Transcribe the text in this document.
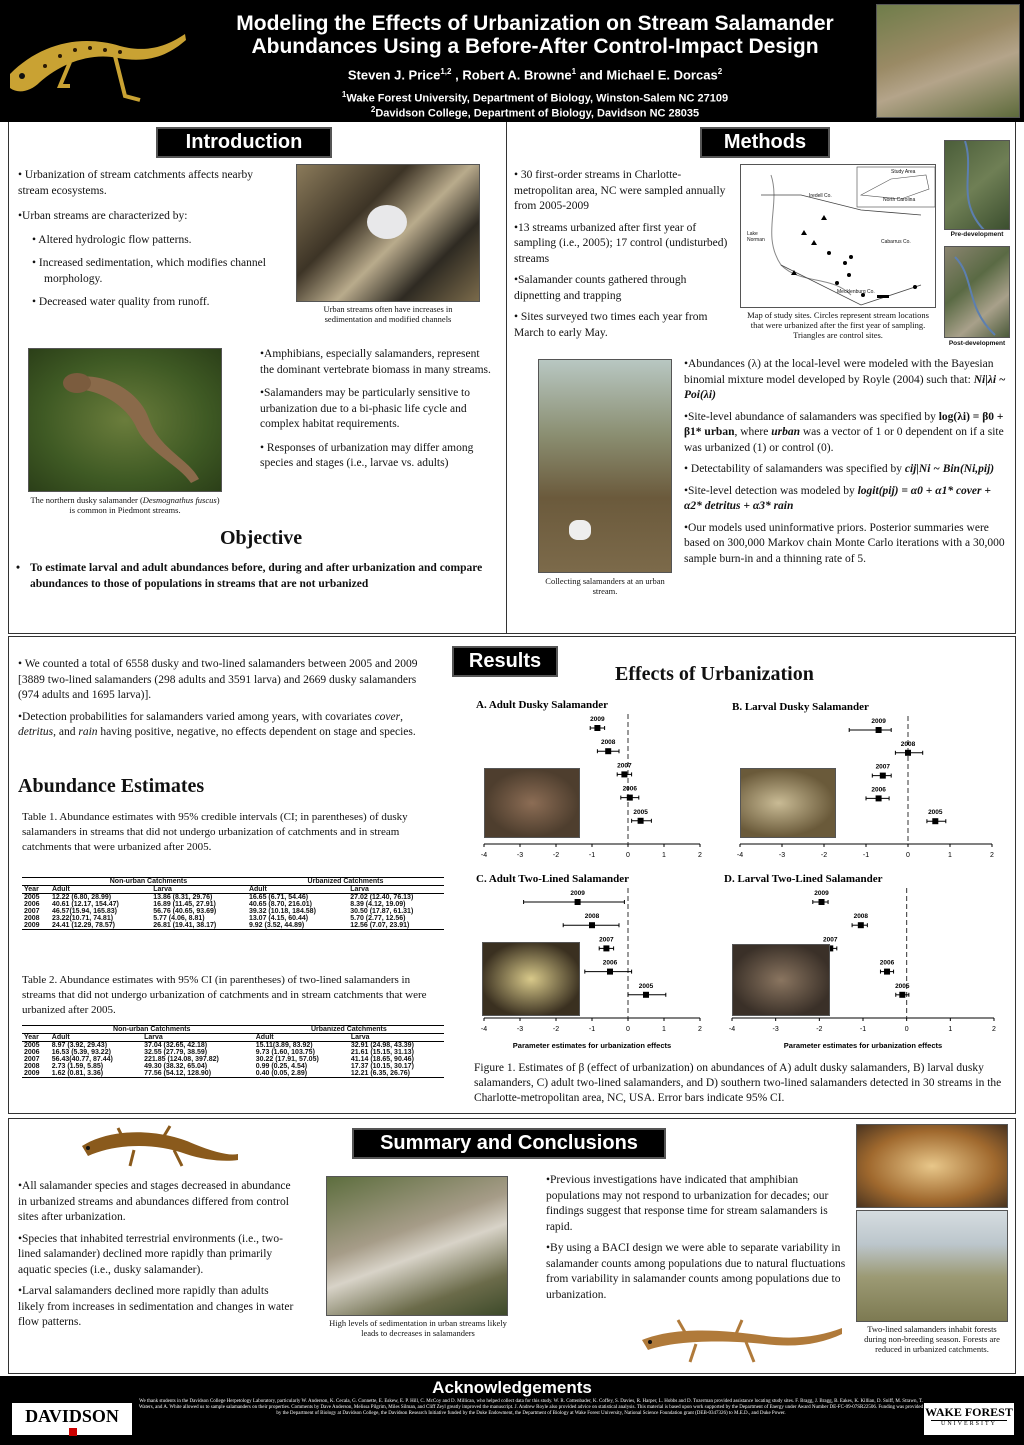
Modeling the Effects of Urbanization on Stream Salamander
Abundances Using a Before-After Control-Impact Design
Steven J. Price$^{1,2}$ , Robert A. Browne$^1$ and Michael E. Dorcas$^2$
$^1$Wake Forest University, Department of Biology, Winston-Salem NC 27109
$^2$Davidson College, Department of Biology, Davidson NC 28035
Introduction
• Urbanization of stream catchments affects nearby stream ecosystems.
•Urban streams are characterized by:
• Altered hydrologic flow patterns.
• Increased sedimentation, which modifies channel morphology.
• Decreased water quality from runoff.
Urban streams often have increases in sedimentation and modified channels
The northern dusky salamander (Desmognathus fuscus) is common in Piedmont streams.
•Amphibians, especially salamanders, represent the dominant vertebrate biomass in many streams.
•Salamanders may be particularly sensitive to urbanization due to a bi-phasic life cycle and complex habitat requirements.
• Responses of urbanization may differ among species and stages (i.e., larvae vs. adults)
Objective
• To estimate larval and adult abundances before, during and after urbanization and compare abundances to those of populations in streams that are not urbanized
Methods
• 30 first-order streams in Charlotte-metropolitan area, NC were sampled annually from 2005-2009
•13 streams urbanized after first year of sampling (i.e., 2005); 17 control (undisturbed) streams
•Salamander counts gathered through dipnetting and trapping
• Sites surveyed two times each year from March to early May.
Study Area
North Carolina
Iredell Co.
Lake Norman	Cabarrus Co.
Mecklenburg Co.
Map of study sites. Circles represent stream locations that were urbanized after the first year of sampling. Triangles are control sites.
Pre-development
Post-development
Collecting salamanders at an urban stream.
•Abundances (λ) at the local-level were modeled with the Bayesian binomial mixture model developed by Royle (2004) such that: Ni|λi ~ Poi(λi)
•Site-level abundance of salamanders was specified by log(λi) = β0 + β1* urban, where urban was a vector of 1 or 0 dependent on if a site was urbanized (1) or control (0).
• Detectability of salamanders was specified by cij|Ni ~ Bin(Ni,pij)
•Site-level detection was modeled by logit(pij) = α0 + α1* cover + α2* detritus + α3* rain
•Our models used uninformative priors. Posterior summaries were based on 300,000 Markov chain Monte Carlo iterations with a 30,000 sample burn-in and a thinning rate of 5.
Results
• We counted a total of 6558 dusky and two-lined salamanders between 2005 and 2009 [3889 two-lined salamanders (298 adults and 3591 larva) and 2669 dusky salamanders (974 adults and 1695 larva)].
•Detection probabilities for salamanders varied among years, with covariates cover, detritus, and rain having positive, negative, no effects dependent on stage and species.
Abundance Estimates
Table 1. Abundance estimates with 95% credible intervals (CI; in parentheses) of dusky salamanders in streams that did not undergo urbanization of catchments and in stream catchments that were urbanized after 2005.
	Non-urban Catchments		Urbanized Catchments	
Year	Adult	Larva	Adult	Larva
2005	12.22 (6.80, 28.99)	13.86 (8.31, 29.76)	16.65 (6.71, 54.46)	27.02 (12.40, 76.13)
2006	40.61 (12.17, 154.47)	16.89 (11.45, 27.91)	40.65 (8.70, 216.01)	8.39 (4.12, 19.09)
2007	46.57(15.94, 165.83)	56.76 (40.65, 93.69)	39.32 (10.18, 184.58)	30.50 (17.87, 61.31)
2008	23.22(10.71, 74.81)	5.77 (4.06, 8.81)	13.07 (4.15, 60.44)	5.70 (2.77, 12.56)
2009	24.41 (12.29, 78.57)	26.81 (19.41, 38.17)	9.92 (3.52, 44.89)	12.56 (7.07, 23.91)
Table 2. Abundance estimates with 95% CI (in parentheses) of two-lined salamanders in streams that did not undergo urbanization of catchments and in stream catchments that were urbanized after 2005.
	Non-urban Catchments		Urbanized Catchments	
Year	Adult	Larva	Adult	Larva
2005	8.97 (3.92, 29.43)	37.04 (32.65, 42.18)	15.11(3.89, 83.92)	32.91 (24.98, 43.39)
2006	16.53 (5.39, 93.22)	32.55 (27.79, 38.59)	9.73 (1.60, 103.75)	21.61 (15.15, 31.13)
2007	56.43(40.77, 87.44)	221.85 (124.08, 397.82)	30.22 (17.91, 57.05)	41.14 (18.65, 90.46)
2008	2.73 (1.59, 5.85)	49.30 (38.32, 65.04)	0.99 (0.25, 4.54)	17.37 (10.15, 30.17)
2009	1.62 (0.81, 3.36)	77.56 (54.12, 128.90)	0.40 (0.05, 2.89)	12.21 (6.35, 26.76)
Effects of Urbanization
A. Adult Dusky Salamander
-4	-3	-2	-1	0	1	2
2009
2008
2007
2006
2005
B. Larval Dusky Salamander
-4	-3	-2	-1	0	1	2
2009
2008
2007
2006
2005
C. Adult Two-Lined Salamander
-4	-3	-2	-1	0	1	2
Parameter estimates for urbanization effects
2009
2008
2007
2006
2005
D. Larval Two-Lined Salamander
-4	-3	-2	-1	0	1	2
Parameter estimates for urbanization effects
2009
2008
2007
2006
2005
Figure 1. Estimates of β (effect of urbanization) on abundances of A) adult dusky salamanders, B) larval dusky salamanders, C) adult two-lined salamanders, and D) southern two-lined salamanders detected in 30 streams in the Charlotte-metropolitan area, NC, USA. Error bars indicate 95% CI.
Summary and Conclusions
•All salamander species and stages decreased in abundance in urbanized streams and abundances differed from control sites after urbanization.
•Species that inhabited terrestrial environments (i.e., two-lined salamander) declined more rapidly than primarily aquatic species (i.e., dusky salamander).
•Larval salamanders declined more rapidly than adults likely from increases in sedimentation and changes in water flow patterns.	High levels of sedimentation in urban streams likely leads to decreases in salamanders
•Previous investigations have indicated that amphibian populations may not respond to urbanization for decades; our findings suggest that response time for stream salamanders is rapid.
•By using a BACI design we were able to separate variability in salamander counts among populations due to natural fluctuations from variability in salamander counts among populations due to urbanization.
Two-lined salamanders inhabit forests during non-breeding season. Forests are reduced in urbanized catchments.
Acknowledgements
We thank students in the Davidson College Herpetology Laboratory, particularly W. Anderson, K. Cecala, G. Connette, E. Eskew, E. P. Hill, C. McCoy and D. Millican, who helped collect data for this study. W. R. Cottenbader, K. Coffey, S. Davies, R. Harper, L. Hobbs and D. Tozerman provided assistance locating study sites. F. Bragg, J. Bragg, B. Eakes, K. Killian, D. Sniff, M. Strawn, T. Waters, and A. White allowed us to sample salamanders on their properties. Comments by Dave Anderson, Melissa Pilgrim, Miles Silman, and Cliff Zeyl greatly improved the manuscript. J. Andrew Royle also provided advice on statistical analysis. This material is based upon work supported by the Department of Energy under Award Number DE-FC-09-07SR22506. Funding was provided by the Department of Biology at Davidson College, the Davidson Research Initiative funded by the Duke Endowment, the Department of Biology at Wake Forest University, National Science Foundation grant (DEB-0347326) to M.E.D., and Duke Power.
DAVIDSON	WAKE FOREST
UNIVERSITY
